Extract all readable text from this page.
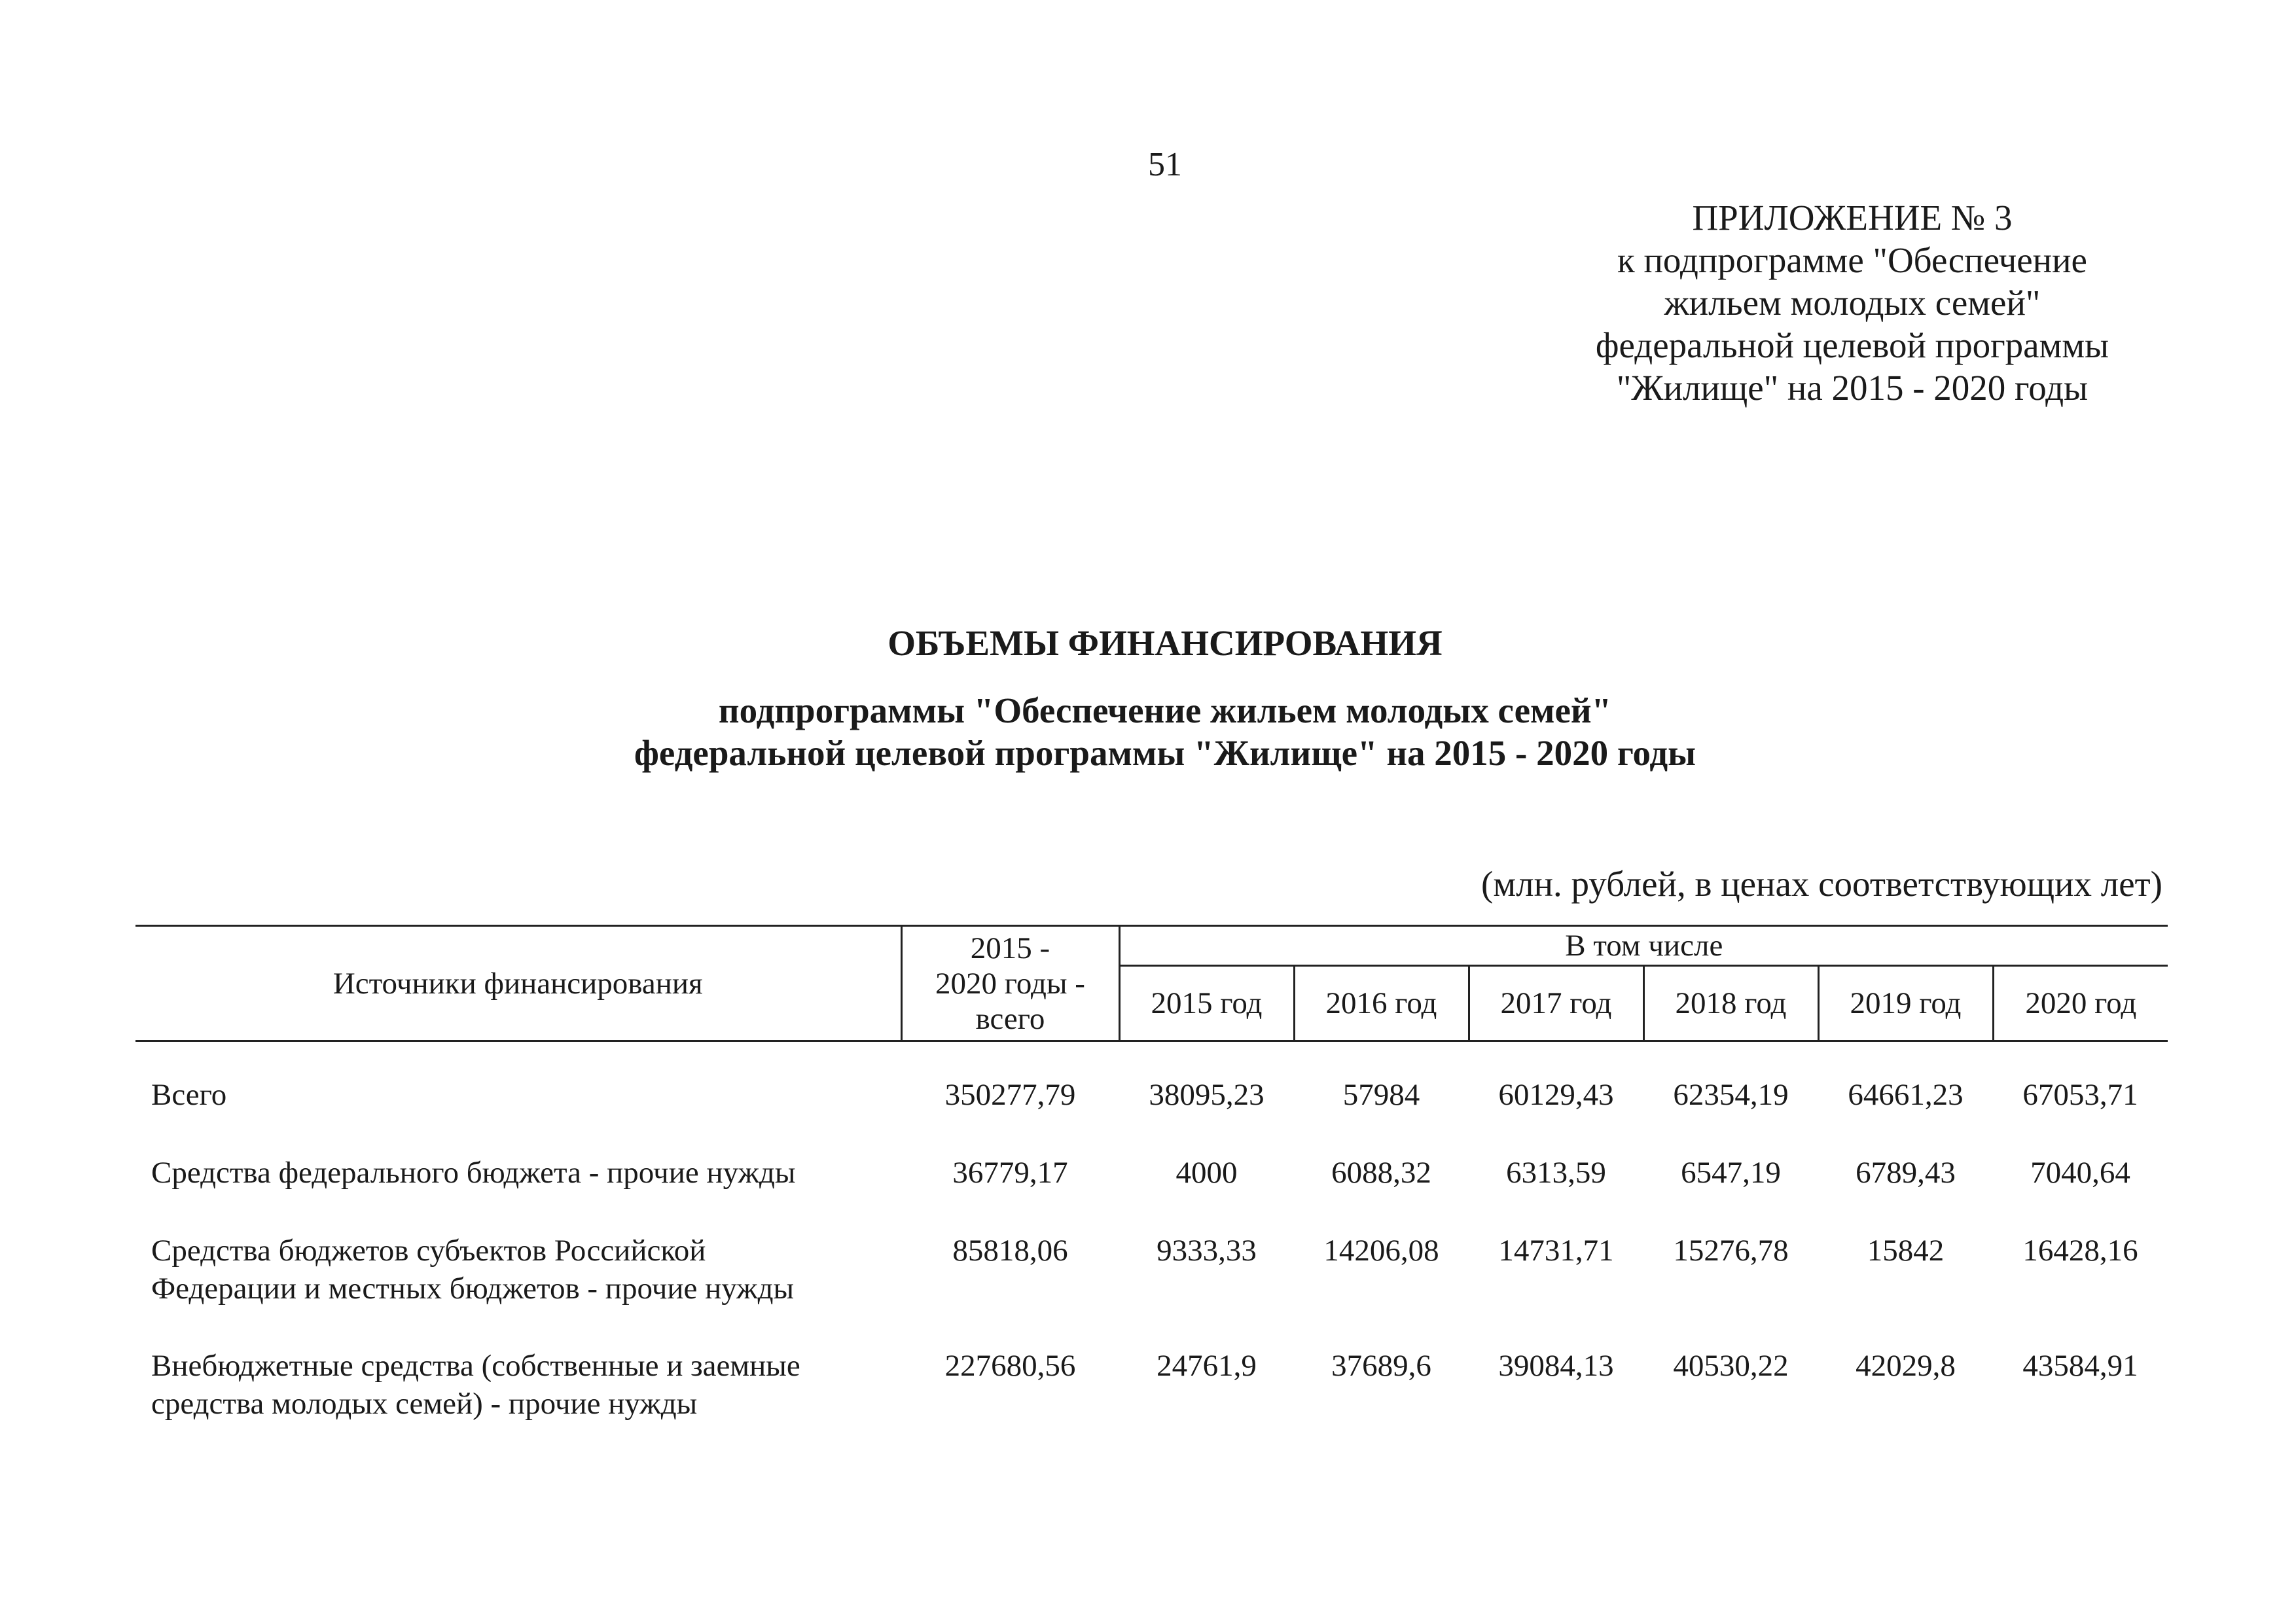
51
ПРИЛОЖЕНИЕ № 3
к подпрограмме "Обеспечение
жильем молодых семей"
федеральной целевой программы
"Жилище" на 2015 - 2020 годы
ОБЪЕМЫ ФИНАНСИРОВАНИЯ
подпрограммы "Обеспечение жильем молодых семей"
федеральной целевой программы "Жилище" на 2015 - 2020 годы
(млн. рублей, в ценах соответствующих лет)
Источники финансирования	2015 -
2020 годы -
всего	В том числе					
		2015 год	2016 год	2017 год	2018 год	2019 год	2020 год

Всего	350277,79	38095,23	57984	60129,43	62354,19	64661,23	67053,71

Средства федерального бюджета - прочие нужды	36779,17	4000	6088,32	6313,59	6547,19	6789,43	7040,64

Средства бюджетов субъектов Российской
Федерации и местных бюджетов - прочие нужды	85818,06	9333,33	14206,08	14731,71	15276,78	15842	16428,16

Внебюджетные средства (собственные и заемные
средства молодых семей) - прочие нужды	227680,56	24761,9	37689,6	39084,13	40530,22	42029,8	43584,91
